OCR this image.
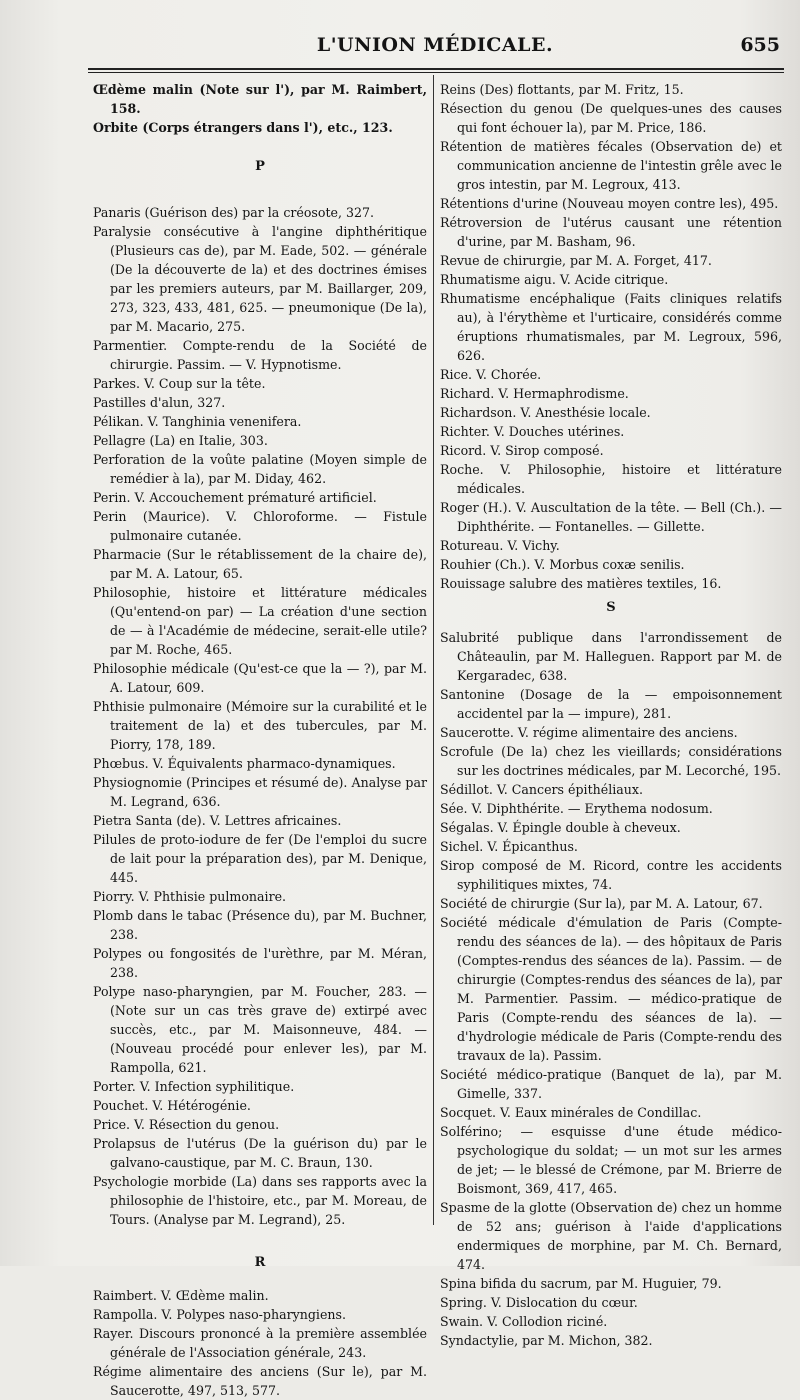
L'UNION MÉDICALE.	655

Œdème malin (Note sur l'), par M. Raimbert, 158.

Orbite (Corps étrangers dans l'), etc., 123.

P

Panaris (Guérison des) par la créosote, 327.

Paralysie consécutive à l'angine diphthéritique (Plusieurs cas de), par M. Eade, 502. — générale (De la découverte de la) et des doctrines émises par les premiers auteurs, par M. Baillarger, 209, 273, 323, 433, 481, 625. — pneumonique (De la), par M. Macario, 275.

Parmentier. Compte-rendu de la Société de chirurgie. Passim. — V. Hypnotisme.

Parkes. V. Coup sur la tête.

Pastilles d'alun, 327.

Pélikan. V. Tanghinia venenifera.

Pellagre (La) en Italie, 303.

Perforation de la voûte palatine (Moyen simple de remédier à la), par M. Diday, 462.

Perin. V. Accouchement prématuré artificiel.

Perin (Maurice). V. Chloroforme. — Fistule pulmonaire cutanée.

Pharmacie (Sur le rétablissement de la chaire de), par M. A. Latour, 65.

Philosophie, histoire et littérature médicales (Qu'entend-on par) — La création d'une section de — à l'Académie de médecine, serait-elle utile? par M. Roche, 465.

Philosophie médicale (Qu'est-ce que la — ?), par M. A. Latour, 609.

Phthisie pulmonaire (Mémoire sur la curabilité et le traitement de la) et des tubercules, par M. Piorry, 178, 189.

Phœbus. V. Équivalents pharmaco-dynamiques.

Physiognomie (Principes et résumé de). Analyse par M. Legrand, 636.

Pietra Santa (de). V. Lettres africaines.

Pilules de proto-iodure de fer (De l'emploi du sucre de lait pour la préparation des), par M. Denique, 445.

Piorry. V. Phthisie pulmonaire.

Plomb dans le tabac (Présence du), par M. Buchner, 238.

Polypes ou fongosités de l'urèthre, par M. Méran, 238.

Polype naso-pharyngien, par M. Foucher, 283. — (Note sur un cas très grave de) extirpé avec succès, etc., par M. Maisonneuve, 484. — (Nouveau procédé pour enlever les), par M. Rampolla, 621.

Porter. V. Infection syphilitique.

Pouchet. V. Hétérogénie.

Price. V. Résection du genou.

Prolapsus de l'utérus (De la guérison du) par le galvano-caustique, par M. C. Braun, 130.

Psychologie morbide (La) dans ses rapports avec la philosophie de l'histoire, etc., par M. Moreau, de Tours. (Analyse par M. Legrand), 25.

R

Raimbert. V. Œdème malin.

Rampolla. V. Polypes naso-pharyngiens.

Rayer. Discours prononcé à la première assemblée générale de l'Association générale, 243.

Régime alimentaire des anciens (Sur le), par M. Saucerotte, 497, 513, 577.

Reins (Des) flottants, par M. Fritz, 15.

Résection du genou (De quelques-unes des causes qui font échouer la), par M. Price, 186.

Rétention de matières fécales (Observation de) et communication ancienne de l'intestin grêle avec le gros intestin, par M. Legroux, 413.

Rétentions d'urine (Nouveau moyen contre les), 495.

Rétroversion de l'utérus causant une rétention d'urine, par M. Basham, 96.

Revue de chirurgie, par M. A. Forget, 417.

Rhumatisme aigu. V. Acide citrique.

Rhumatisme encéphalique (Faits cliniques relatifs au), à l'érythème et l'urticaire, considérés comme éruptions rhumatismales, par M. Legroux, 596, 626.

Rice. V. Chorée.

Richard. V. Hermaphrodisme.

Richardson. V. Anesthésie locale.

Richter. V. Douches utérines.

Ricord. V. Sirop composé.

Roche. V. Philosophie, histoire et littérature médicales.

Roger (H.). V. Auscultation de la tête. — Bell (Ch.). — Diphthérite. — Fontanelles. — Gillette.

Rotureau. V. Vichy.

Rouhier (Ch.). V. Morbus coxæ senilis.

Rouissage salubre des matières textiles, 16.

S

Salubrité publique dans l'arrondissement de Châteaulin, par M. Halleguen. Rapport par M. de Kergaradec, 638.

Santonine (Dosage de la — empoisonnement accidentel par la — impure), 281.

Saucerotte. V. régime alimentaire des anciens.

Scrofule (De la) chez les vieillards; considérations sur les doctrines médicales, par M. Lecorché, 195.

Sédillot. V. Cancers épithéliaux.

Sée. V. Diphthérite. — Erythema nodosum.

Ségalas. V. Épingle double à cheveux.

Sichel. V. Épicanthus.

Sirop composé de M. Ricord, contre les accidents syphilitiques mixtes, 74.

Société de chirurgie (Sur la), par M. A. Latour, 67.

Société médicale d'émulation de Paris (Compte-rendu des séances de la). — des hôpitaux de Paris (Comptes-rendus des séances de la). Passim. — de chirurgie (Comptes-rendus des séances de la), par M. Parmentier. Passim. — médico-pratique de Paris (Compte-rendu des séances de la). — d'hydrologie médicale de Paris (Compte-rendu des travaux de la). Passim.

Société médico-pratique (Banquet de la), par M. Gimelle, 337.

Socquet. V. Eaux minérales de Condillac.

Solférino; — esquisse d'une étude médico-psychologique du soldat; — un mot sur les armes de jet; — le blessé de Crémone, par M. Brierre de Boismont, 369, 417, 465.

Spasme de la glotte (Observation de) chez un homme de 52 ans; guérison à l'aide d'applications endermiques de morphine, par M. Ch. Bernard, 474.

Spina bifida du sacrum, par M. Huguier, 79.

Spring. V. Dislocation du cœur.

Swain. V. Collodion riciné.

Syndactylie, par M. Michon, 382.
